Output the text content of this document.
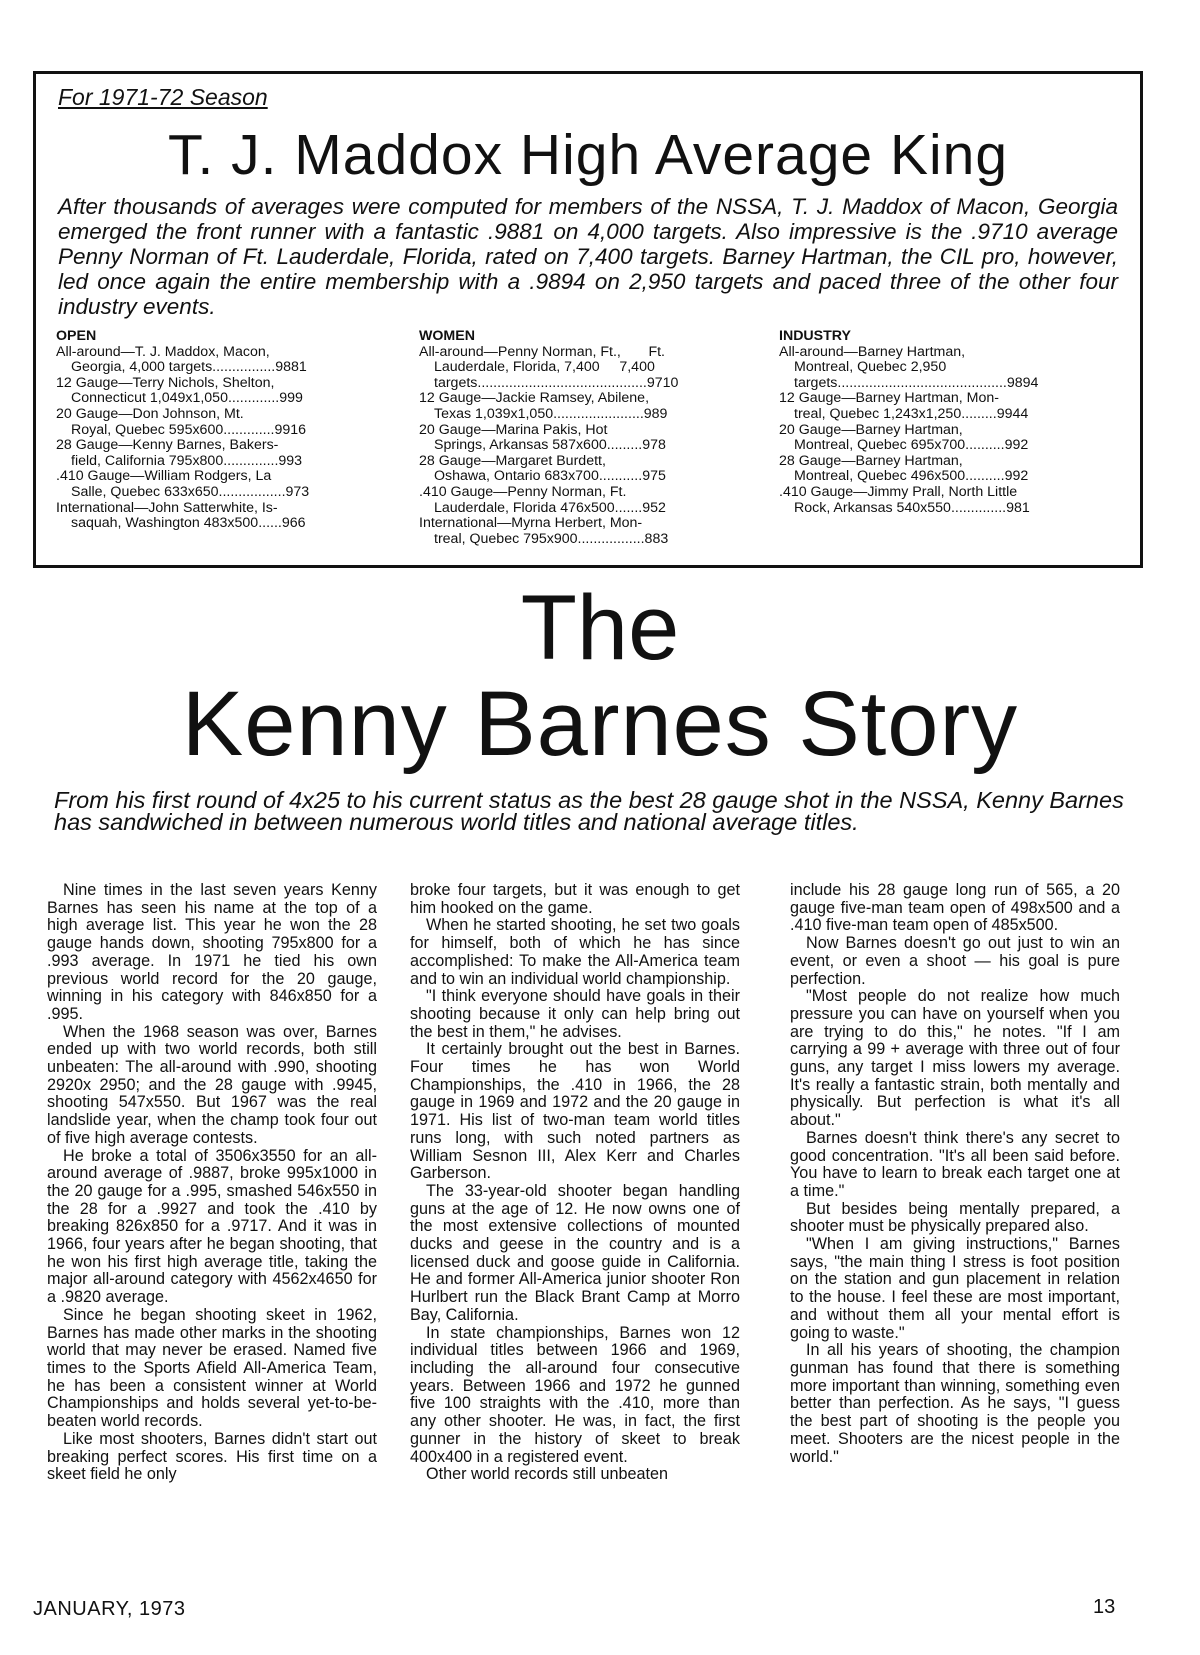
For 1971-72 Season
T. J. Maddox High Average King
After thousands of averages were computed for members of the NSSA, T. J. Maddox of Macon, Georgia emerged the front runner with a fantastic .9881 on 4,000 targets. Also impressive is the .9710 average Penny Norman of Ft. Lauderdale, Florida, rated on 7,400 targets. Barney Hartman, the CIL pro, however, led once again the entire membership with a .9894 on 2,950 targets and paced three of the other four industry events.
OPEN
All-around—T. J. Maddox, Macon,
Georgia, 4,000 targets................9881
12 Gauge—Terry Nichols, Shelton,
Connecticut 1,049x1,050.............999
20 Gauge—Don Johnson, Mt.
Royal, Quebec 595x600.............9916
28 Gauge—Kenny Barnes, Bakers-
field, California 795x800..............993
.410 Gauge—William Rodgers, La
Salle, Quebec 633x650.................973
International—John Satterwhite, Is-
saquah, Washington 483x500......966
WOMEN
All-around—Penny Norman, Ft.,       Ft.
Lauderdale, Florida, 7,400     7,400
targets...........................................9710
12 Gauge—Jackie Ramsey, Abilene,
Texas 1,039x1,050.......................989
20 Gauge—Marina Pakis, Hot
Springs, Arkansas 587x600.........978
28 Gauge—Margaret Burdett,
Oshawa, Ontario 683x700...........975
.410 Gauge—Penny Norman, Ft.
Lauderdale, Florida 476x500.......952
International—Myrna Herbert, Mon-
treal, Quebec 795x900.................883
INDUSTRY
All-around—Barney Hartman,
Montreal, Quebec 2,950
targets...........................................9894
12 Gauge—Barney Hartman, Mon-
treal, Quebec 1,243x1,250.........9944
20 Gauge—Barney Hartman,
Montreal, Quebec 695x700..........992
28 Gauge—Barney Hartman,
Montreal, Quebec 496x500..........992
.410 Gauge—Jimmy Prall, North Little
Rock, Arkansas 540x550..............981
The
Kenny Barnes Story
From his first round of 4x25 to his current status as the best 28 gauge shot in the NSSA, Kenny Barnes has sandwiched in between numerous world titles and national average titles.

Nine times in the last seven years Kenny Barnes has seen his name at the top of a high average list. This year he won the 28 gauge hands down, shooting 795x800 for a .993 average. In 1971 he tied his own previous world record for the 20 gauge, winning in his category with 846x850 for a .995.

When the 1968 season was over, Barnes ended up with two world records, both still unbeaten: The all-around with .990, shooting 2920x 2950; and the 28 gauge with .9945, shooting 547x550. But 1967 was the real landslide year, when the champ took four out of five high average contests.

He broke a total of 3506x3550 for an all-around average of .9887, broke 995x1000 in the 20 gauge for a .995, smashed 546x550 in the 28 for a .9927 and took the .410 by breaking 826x850 for a .9717. And it was in 1966, four years after he began shooting, that he won his first high average title, taking the major all-around category with 4562x4650 for a .9820 average.

Since he began shooting skeet in 1962, Barnes has made other marks in the shooting world that may never be erased. Named five times to the Sports Afield All-America Team, he has been a consistent winner at World Championships and holds several yet-to-be-beaten world records.

Like most shooters, Barnes didn't start out breaking perfect scores. His first time on a skeet field he only

broke four targets, but it was enough to get him hooked on the game.

When he started shooting, he set two goals for himself, both of which he has since accomplished: To make the All-America team and to win an individual world championship.

"I think everyone should have goals in their shooting because it only can help bring out the best in them," he advises.

It certainly brought out the best in Barnes. Four times he has won World Championships, the .410 in 1966, the 28 gauge in 1969 and 1972 and the 20 gauge in 1971. His list of two-man team world titles runs long, with such noted partners as William Sesnon III, Alex Kerr and Charles Garberson.

The 33-year-old shooter began handling guns at the age of 12. He now owns one of the most extensive collections of mounted ducks and geese in the country and is a licensed duck and goose guide in California. He and former All-America junior shooter Ron Hurlbert run the Black Brant Camp at Morro Bay, California.

In state championships, Barnes won 12 individual titles between 1966 and 1969, including the all-around four consecutive years. Between 1966 and 1972 he gunned five 100 straights with the .410, more than any other shooter. He was, in fact, the first gunner in the history of skeet to break 400x400 in a registered event.

Other world records still unbeaten

include his 28 gauge long run of 565, a 20 gauge five-man team open of 498x500 and a .410 five-man team open of 485x500.

Now Barnes doesn't go out just to win an event, or even a shoot — his goal is pure perfection.

"Most people do not realize how much pressure you can have on yourself when you are trying to do this," he notes. "If I am carrying a 99 + average with three out of four guns, any target I miss lowers my average. It's really a fantastic strain, both mentally and physically. But perfection is what it's all about."

Barnes doesn't think there's any secret to good concentration. "It's all been said before. You have to learn to break each target one at a time."

But besides being mentally prepared, a shooter must be physically prepared also.

"When I am giving instructions," Barnes says, "the main thing I stress is foot position on the station and gun placement in relation to the house. I feel these are most important, and without them all your mental effort is going to waste."

In all his years of shooting, the champion gunman has found that there is something more important than winning, something even better than perfection. As he says, "I guess the best part of shooting is the people you meet. Shooters are the nicest people in the world."

JANUARY, 1973	13
